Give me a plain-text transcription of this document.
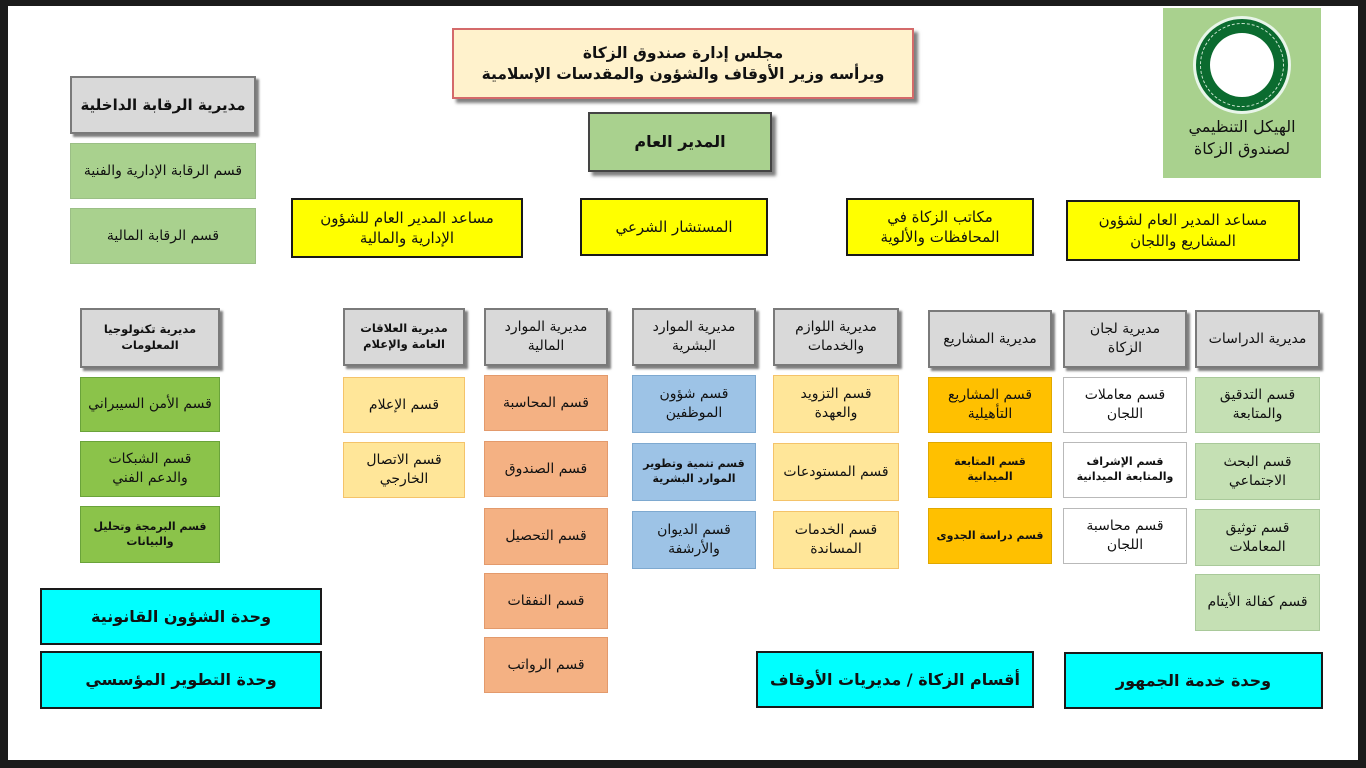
الهيكل التنظيمي
لصندوق الزكاة
مجلس إدارة صندوق الزكاة
ويرأسه وزير الأوقاف والشؤون والمقدسات الإسلامية
المدير العام
مديرية الرقابة الداخلية
قسم الرقابة الإدارية والفنية
قسم الرقابة المالية
مساعد المدير العام للشؤون الإدارية والمالية
المستشار الشرعي
مكاتب الزكاة في المحافظات والألوية
مساعد المدير العام لشؤون المشاريع واللجان
مديرية تكنولوجيا المعلومات
قسم الأمن السيبراني
قسم الشبكات والدعم الفني
قسم البرمجة وتحليل والبيانات
مديرية العلاقات العامة والإعلام
قسم الإعلام
قسم الاتصال الخارجي
مديرية الموارد المالية
قسم المحاسبة
قسم الصندوق
قسم التحصيل
قسم النفقات
قسم الرواتب
مديرية الموارد البشرية
قسم شؤون الموظفين
قسم تنمية وتطوير الموارد البشرية
قسم الديوان والأرشفة
مديرية اللوازم والخدمات
قسم التزويد والعهدة
قسم المستودعات
قسم الخدمات المساندة
مديرية المشاريع
قسم المشاريع التأهيلية
قسم المتابعة الميدانية
قسم دراسة الجدوى
مديرية لجان الزكاة
قسم معاملات اللجان
قسم الإشراف والمتابعة الميدانية
قسم محاسبة اللجان
مديرية الدراسات
قسم التدقيق والمتابعة
قسم البحث الاجتماعي
قسم توثيق المعاملات
قسم كفالة الأيتام
وحدة الشؤون القانونية
وحدة التطوير المؤسسي	أقسام الزكاة / مديريات الأوقاف	وحدة خدمة الجمهور
